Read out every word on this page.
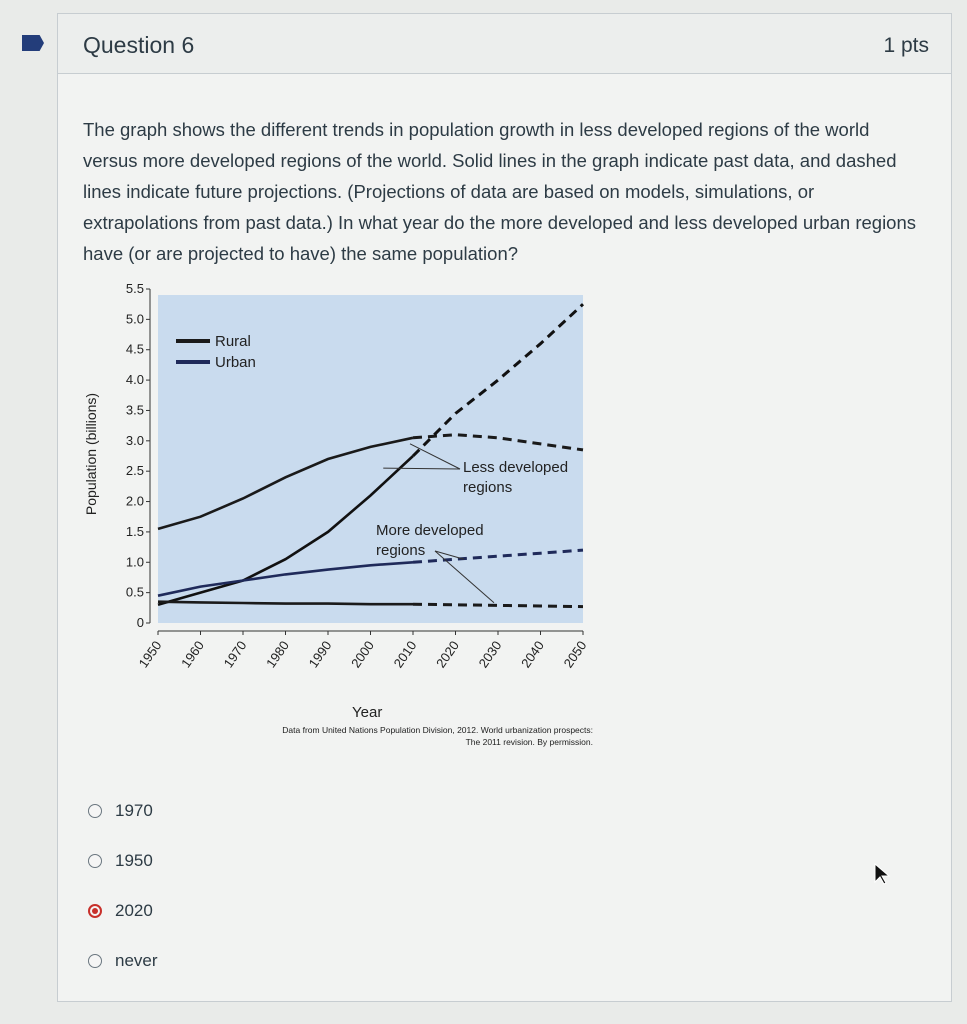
Question 6	1 pts
The graph shows the different trends in population growth in less developed regions of the world versus more developed regions of the world. Solid lines in the graph indicate past data, and dashed lines indicate future projections. (Projections of data are based on models, simulations, or extrapolations from past data.) In what year do the more developed and less developed urban regions have (or are projected to have) the same population?
0
0.5
1.0
1.5
2.0
2.5
3.0
3.5
4.0
4.5
5.0
5.5
1950 1960 1970 1980 1990 2000 2010 2020 2030 2040 2050
Year
Population (billions)
Rural
Urban
Less developed
regions
More developed
regions
Data from United Nations Population Division, 2012. World urbanization prospects:
The 2011 revision. By permission.
1970
1950
2020
never
